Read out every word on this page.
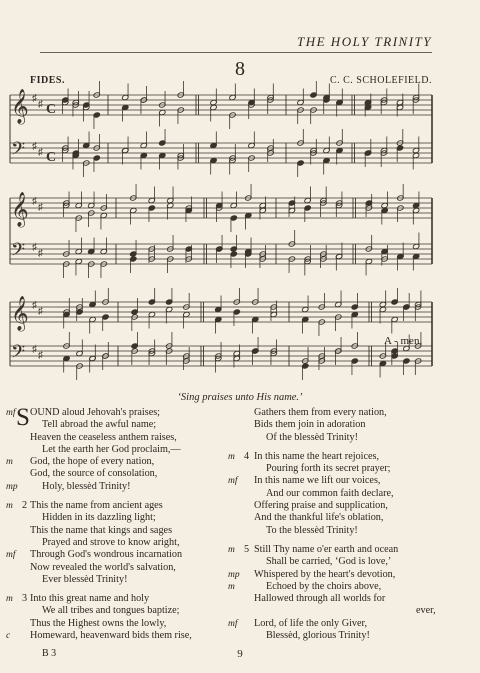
THE HOLY TRINITY
8
FIDES.	C. C. SCHOLEFIELD.
𝄞 ♯
♯ C
𝄢 ♯
♯ C
𝄞 ♯
♯
𝄢 ♯
♯
𝄞 ♯
♯
𝄢 ♯
♯
A - men.
‘Sing praises unto His name.’
mf S OUND aloud Jehovah's praises;
Tell abroad the awful name;
Heaven the ceaseless anthem raises,
Let the earth her God proclaim,—
m God, the hope of every nation,
God, the source of consolation,
mp Holy, blessèd Trinity!
m 2 This the name from ancient ages
Hidden in its dazzling light;
This the name that kings and sages
Prayed and strove to know aright,
mf Through God's wondrous incarnation
Now revealed the world's salvation,
Ever blessèd Trinity!
m 3 Into this great name and holy
We all tribes and tongues baptize;
Thus the Highest owns the lowly,
c Homeward, heavenward bids them rise,
Gathers them from every nation,
Bids them join in adoration
Of the blessèd Trinity!
m 4 In this name the heart rejoices,
Pouring forth its secret prayer;
mf In this name we lift our voices,
And our common faith declare,
Offering praise and supplication,
And the thankful life's oblation,
To the blessèd Trinity!
m 5 Still Thy name o'er earth and ocean
Shall be carried, ‘God is love,’
mp Whispered by the heart's devotion,
m	Echoed by the choirs above,
Hallowed through all worlds for
ever,
mf Lord, of life the only Giver,
Blessèd, glorious Trinity!
B 3	9
